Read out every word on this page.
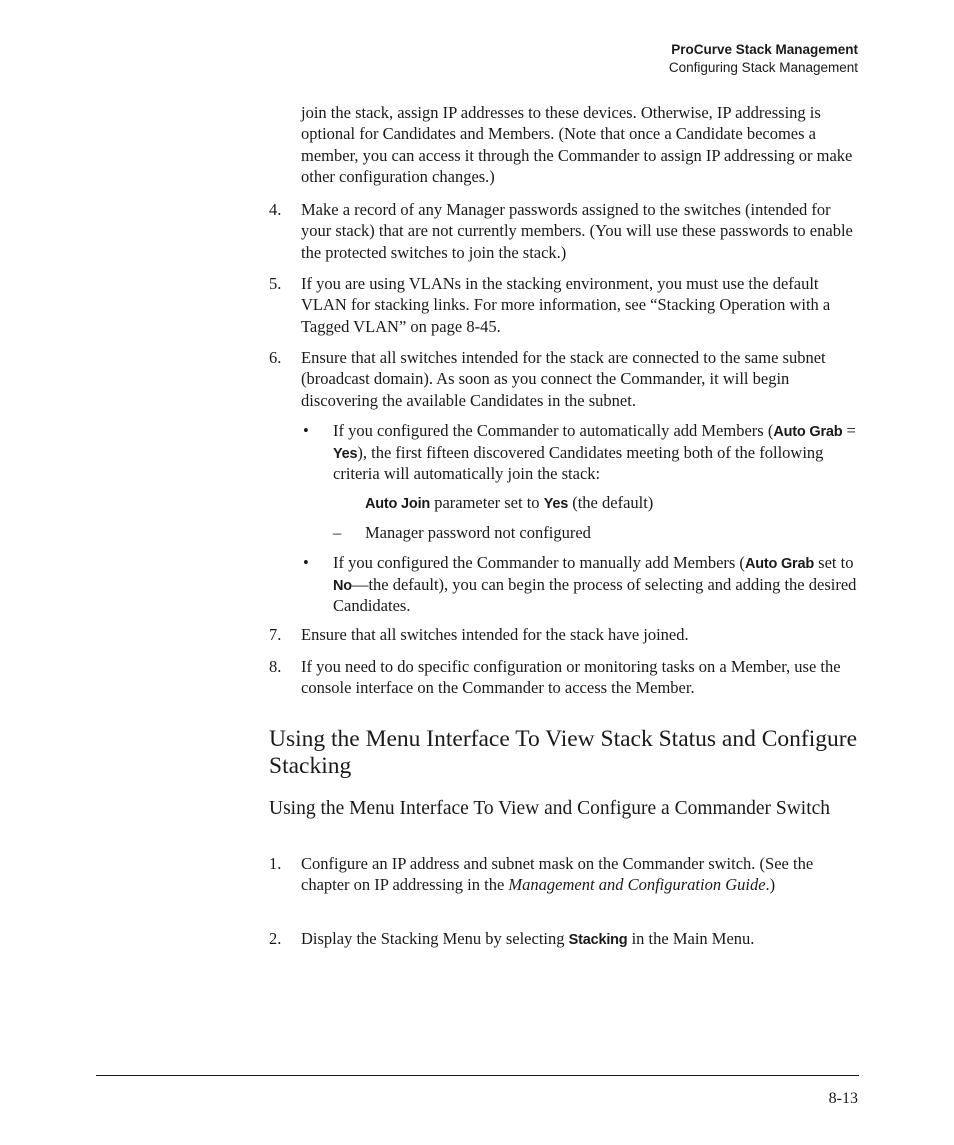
ProCurve Stack Management
Configuring Stack Management
join the stack, assign IP addresses to these devices. Otherwise, IP addressing is optional for Candidates and Members. (Note that once a Candidate becomes a member, you can access it through the Commander to assign IP addressing or make other configuration changes.)
4. Make a record of any Manager passwords assigned to the switches (intended for your stack) that are not currently members. (You will use these passwords to enable the protected switches to join the stack.)
5. If you are using VLANs in the stacking environment, you must use the default VLAN for stacking links. For more information, see “Stacking Operation with a Tagged VLAN” on page 8-45.
6. Ensure that all switches intended for the stack are connected to the same subnet (broadcast domain). As soon as you connect the Commander, it will begin discovering the available Candidates in the subnet.
• If you configured the Commander to automatically add Members (Auto Grab = Yes), the first fifteen discovered Candidates meeting both of the following criteria will automatically join the stack:
Auto Join parameter set to Yes (the default)
– Manager password not configured
• If you configured the Commander to manually add Members (Auto Grab set to No—the default), you can begin the process of selecting and adding the desired Candidates.
7. Ensure that all switches intended for the stack have joined.
8. If you need to do specific configuration or monitoring tasks on a Member, use the console interface on the Commander to access the Member.
Using the Menu Interface To View Stack Status and Configure Stacking
Using the Menu Interface To View and Configure a Commander Switch
1. Configure an IP address and subnet mask on the Commander switch. (See the chapter on IP addressing in the Management and Configuration Guide.)
2. Display the Stacking Menu by selecting Stacking in the Main Menu.
8-13
